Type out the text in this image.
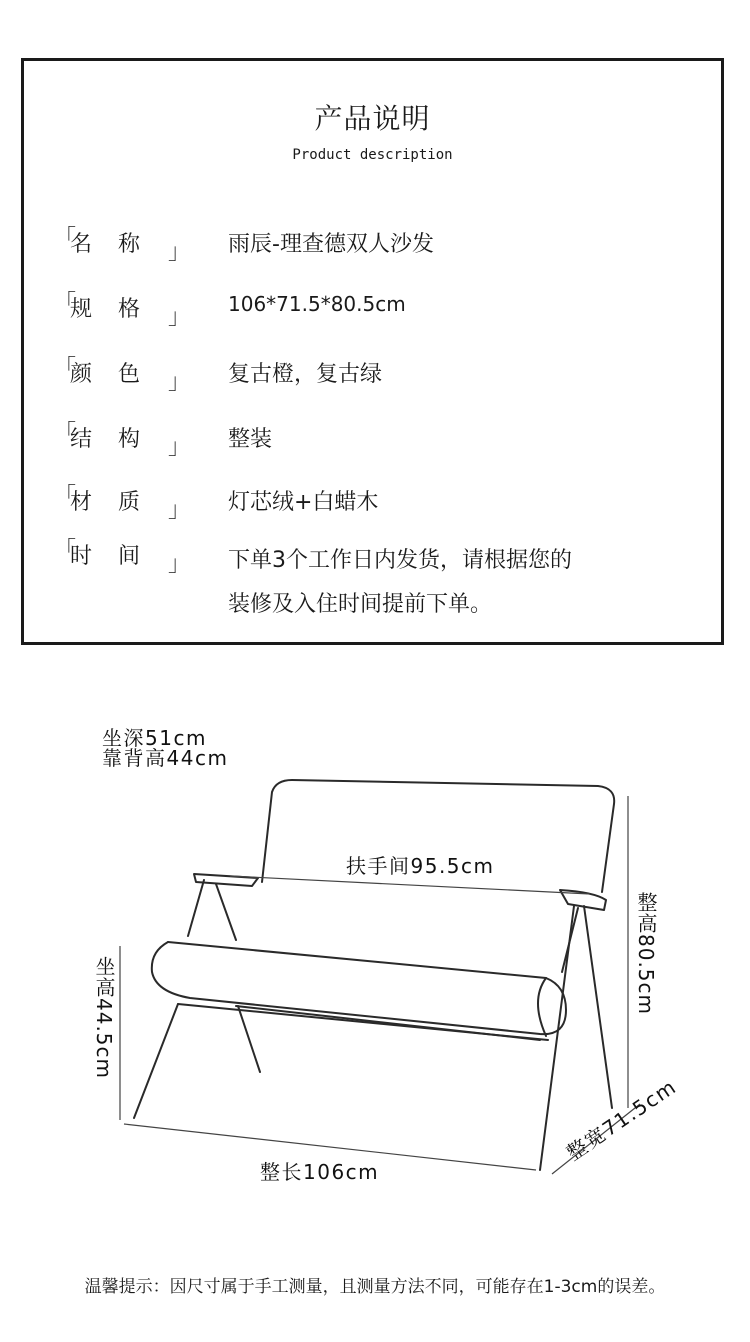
产品说明
Product description
「
名称 」 雨辰-理查德双人沙发
「
规格 」
106*71.5*80.5cm
「
颜色 」 复古橙，复古绿
「
结构 」 整装
「
材质 」 灯芯绒+白蜡木
「
时间 」 下单3个工作日内发货，请根据您的
装修及入住时间提前下单。
坐深51cm
靠背高44cm
扶手间95.5cm
整高80.5cm
坐高44.5cm
整长106cm
整宽71.5cm
温馨提示：因尺寸属于手工测量，且测量方法不同，可能存在1-3cm的误差。
